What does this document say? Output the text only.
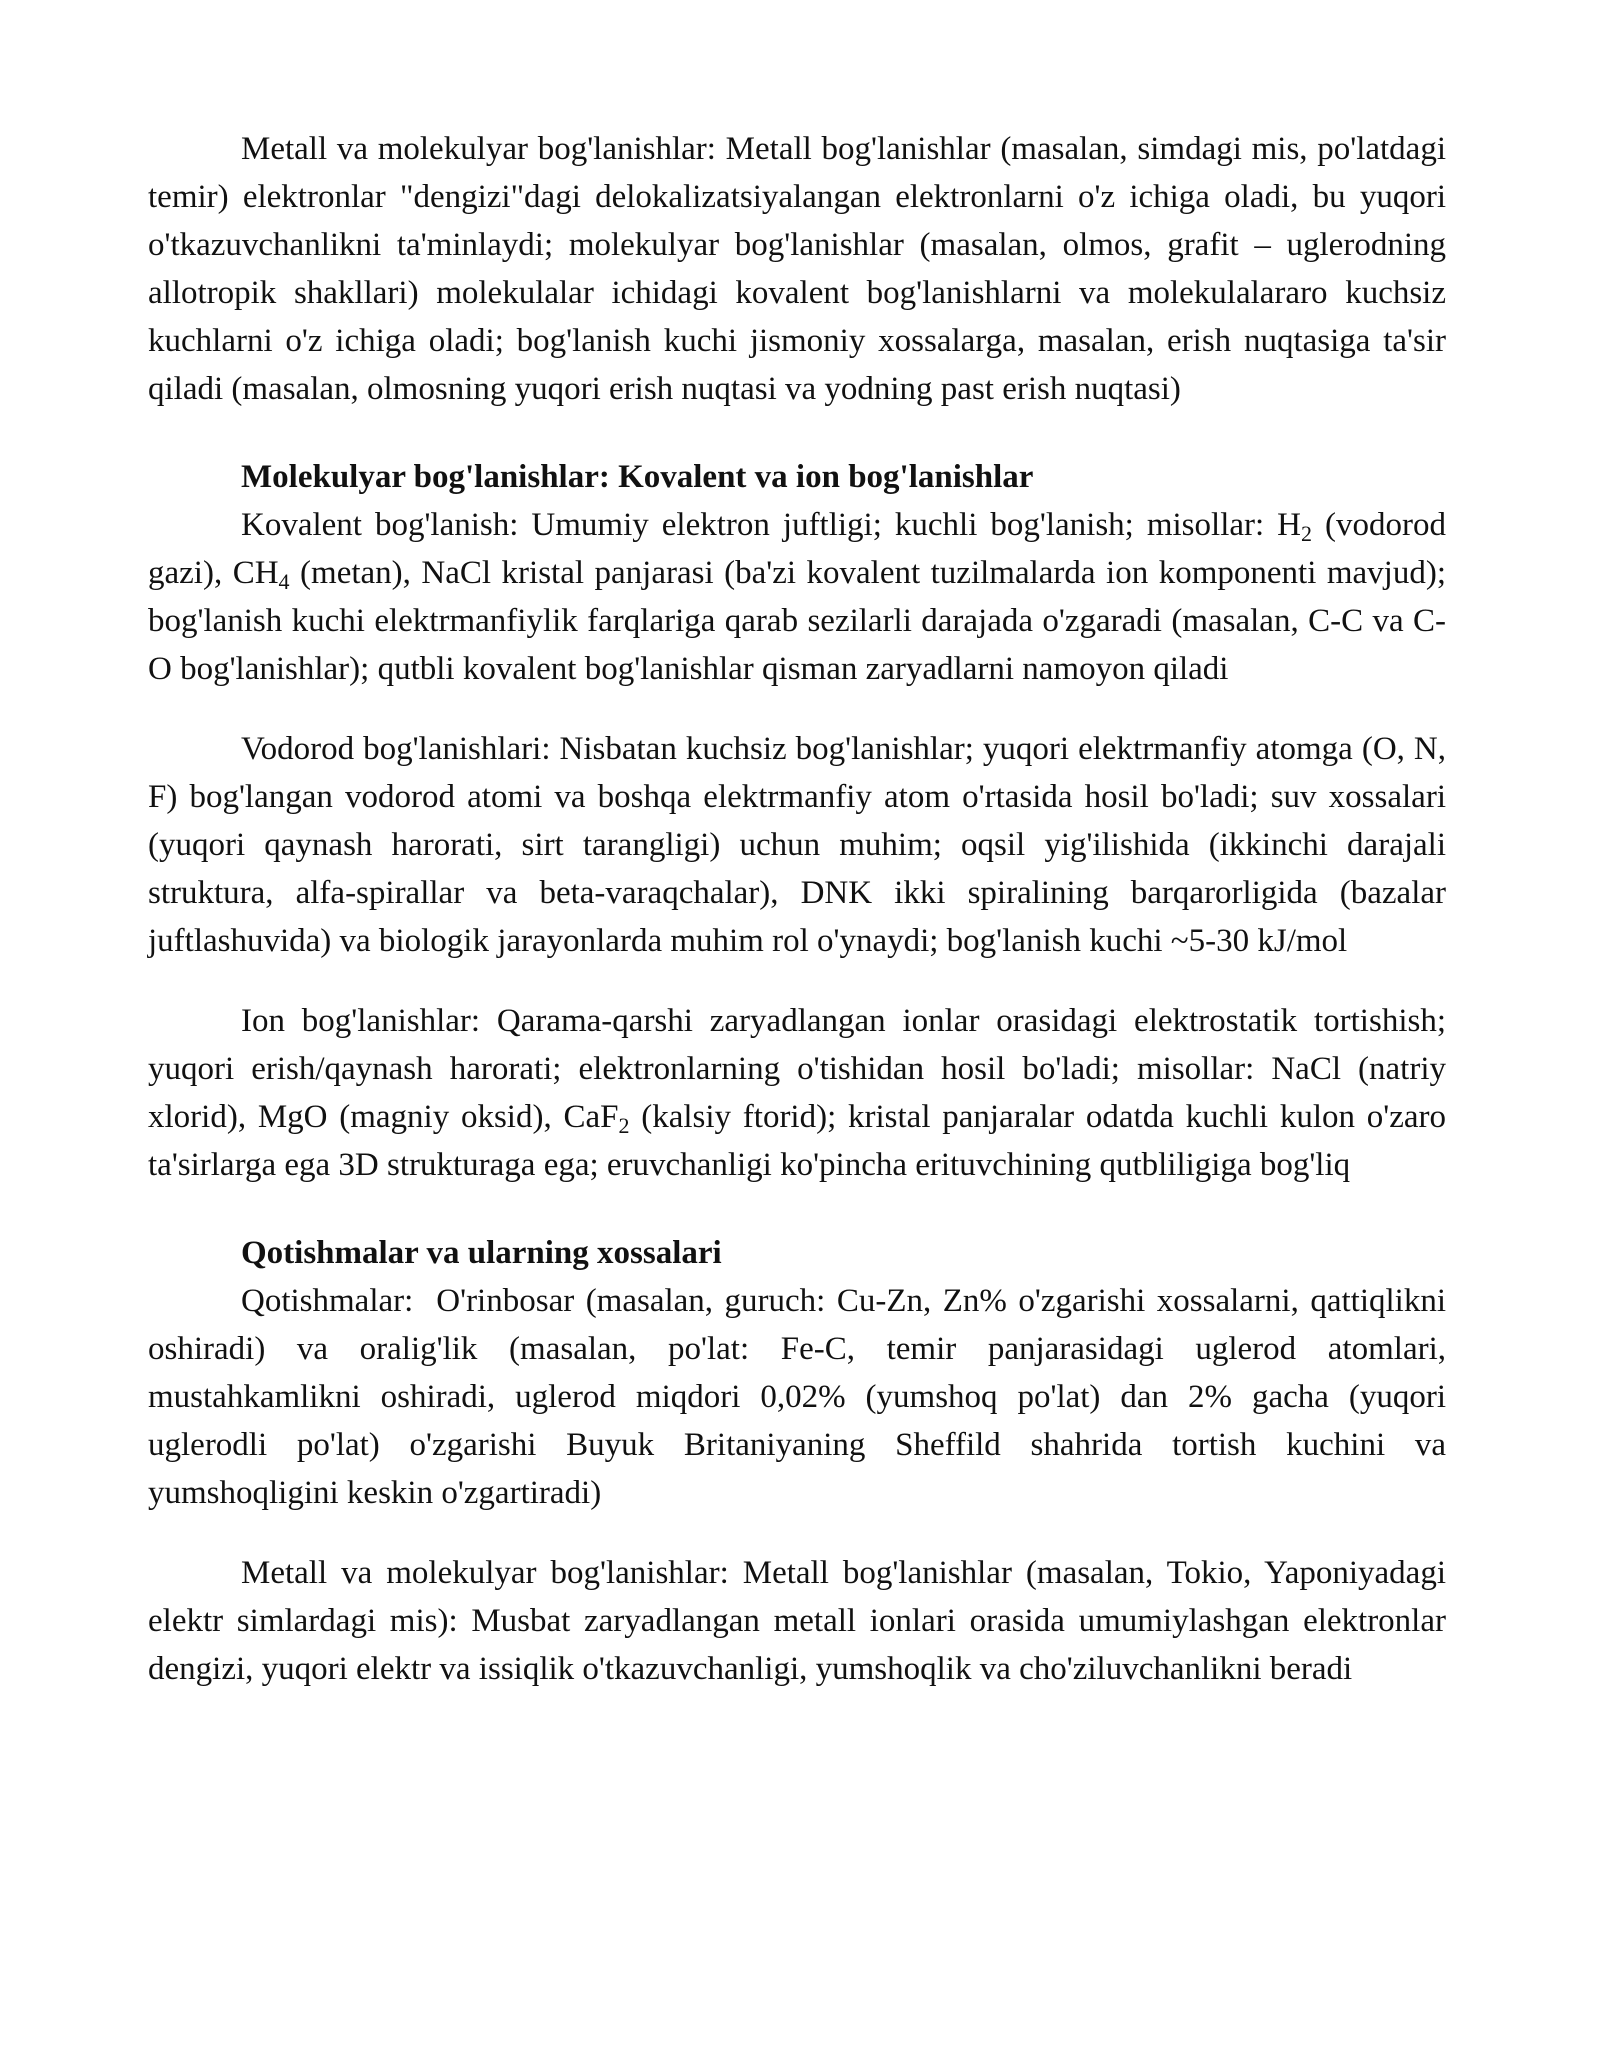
Metall va molekulyar bog'lanishlar: Metall bog'lanishlar (masalan, simdagi mis, po'latdagi temir) elektronlar "dengizi"dagi delokalizatsiyalangan elektronlarni o'z ichiga oladi, bu yuqori o'tkazuvchanlikni ta'minlaydi; molekulyar bog'lanishlar (masalan, olmos, grafit – uglerodning allotropik shakllari) molekulalar ichidagi kovalent bog'lanishlarni va molekulalararo kuchsiz kuchlarni o'z ichiga oladi; bog'lanish kuchi jismoniy xossalarga, masalan, erish nuqtasiga ta'sir qiladi (masalan, olmosning yuqori erish nuqtasi va yodning past erish nuqtasi)

Molekulyar bog'lanishlar: Kovalent va ion bog'lanishlar

Kovalent bog'lanish: Umumiy elektron juftligi; kuchli bog'lanish; misollar: $H_2$ (vodorod gazi), $CH_4$ (metan), NaCl kristal panjarasi (ba'zi kovalent tuzilmalarda ion komponenti mavjud); bog'lanish kuchi elektrmanfiylik farqlariga qarab sezilarli darajada o'zgaradi (masalan, C-C va C-O bog'lanishlar); qutbli kovalent bog'lanishlar qisman zaryadlarni namoyon qiladi

Vodorod bog'lanishlari: Nisbatan kuchsiz bog'lanishlar; yuqori elektrmanfiy atomga (O, N, F) bog'langan vodorod atomi va boshqa elektrmanfiy atom o'rtasida hosil bo'ladi; suv xossalari (yuqori qaynash harorati, sirt tarangligi) uchun muhim; oqsil yig'ilishida (ikkinchi darajali struktura, alfa-spirallar va beta-varaqchalar), DNK ikki spiralining barqarorligida (bazalar juftlashuvida) va biologik jarayonlarda muhim rol o'ynaydi; bog'lanish kuchi ~5-30 kJ/mol

Ion bog'lanishlar: Qarama-qarshi zaryadlangan ionlar orasidagi elektrostatik tortishish; yuqori erish/qaynash harorati; elektronlarning o'tishidan hosil bo'ladi; misollar: NaCl (natriy xlorid), MgO (magniy oksid), CaF$_2$ (kalsiy ftorid); kristal panjaralar odatda kuchli kulon o'zaro ta'sirlarga ega 3D strukturaga ega; eruvchanligi ko'pincha erituvchining qutbliligiga bog'liq

Qotishmalar va ularning xossalari

Qotishmalar:  O'rinbosar (masalan, guruch: Cu-Zn, Zn% o'zgarishi xossalarni, qattiqlikni oshiradi) va oralig'lik (masalan, po'lat: Fe-C, temir panjarasidagi uglerod atomlari, mustahkamlikni oshiradi, uglerod miqdori 0,02% (yumshoq po'lat) dan 2% gacha (yuqori uglerodli po'lat) o'zgarishi Buyuk Britaniyaning Sheffild shahrida tortish kuchini va yumshoqligini keskin o'zgartiradi)

Metall va molekulyar bog'lanishlar: Metall bog'lanishlar (masalan, Tokio, Yaponiyadagi elektr simlardagi mis): Musbat zaryadlangan metall ionlari orasida umumiylashgan elektronlar dengizi, yuqori elektr va issiqlik o'tkazuvchanligi, yumshoqlik va cho'ziluvchanlikni beradi
